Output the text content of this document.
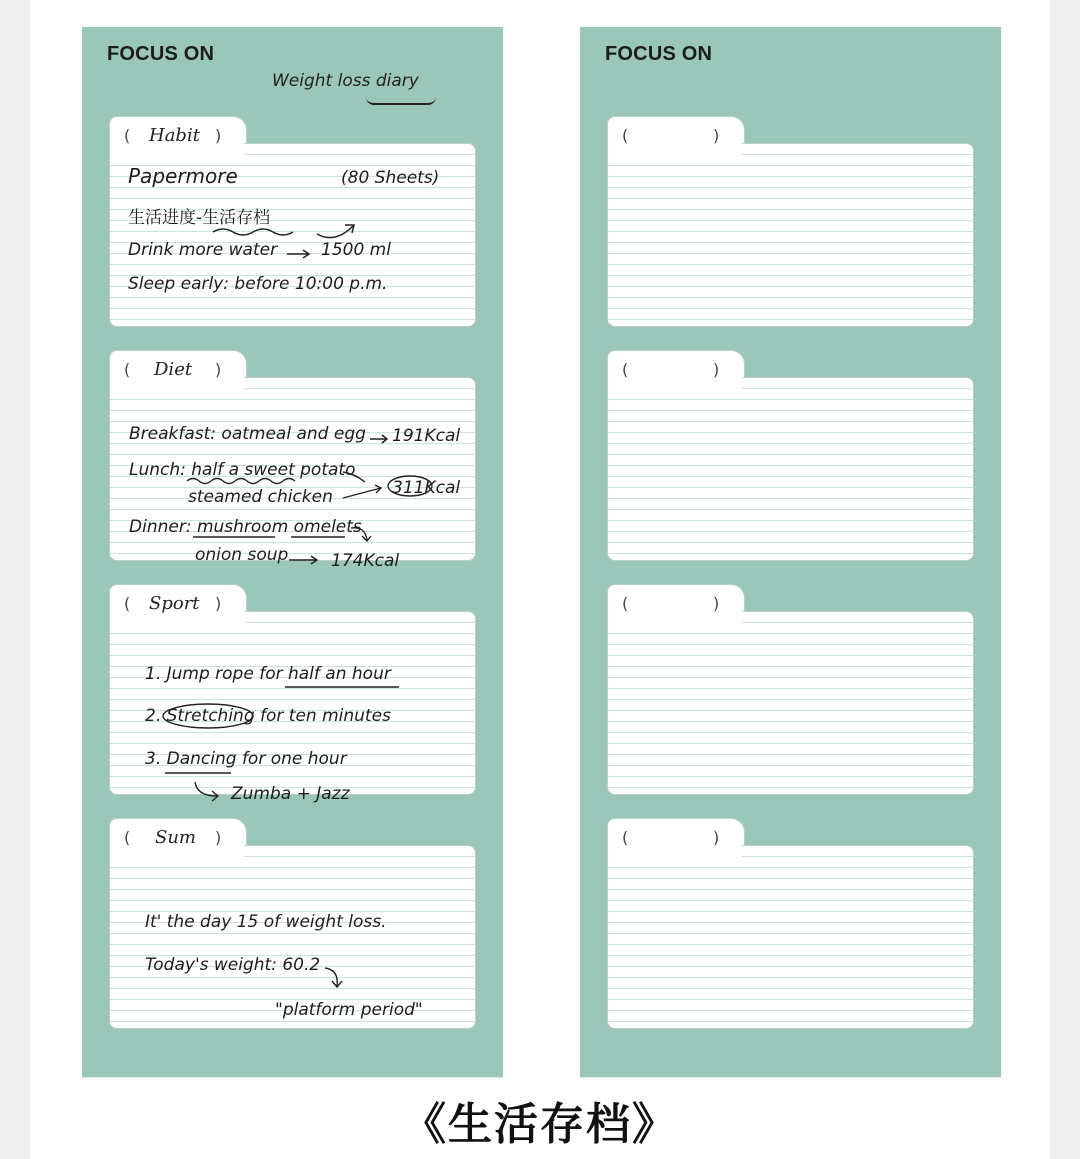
FOCUS ON
Weight loss diary
( Habit )
Papermore	(80 Sheets)
生活进度-生活存档
Drink more water	1500 ml
Sleep early: before 10:00 p.m.
( Diet )
Breakfast: oatmeal and egg 191Kcal
Lunch: half a sweet potato
steamed chicken	311Kcal
Dinner: mushroom omelets
onion soup	174Kcal
( Sport )
1. Jump rope for half an hour
2. Stretching for ten minutes
3. Dancing for one hour
Zumba + Jazz
( Sum )
It' the day 15 of weight loss.
Today's weight: 60.2
"platform period"
FOCUS ON
(	)
(	)
(	)
(	)
《生活存档》
